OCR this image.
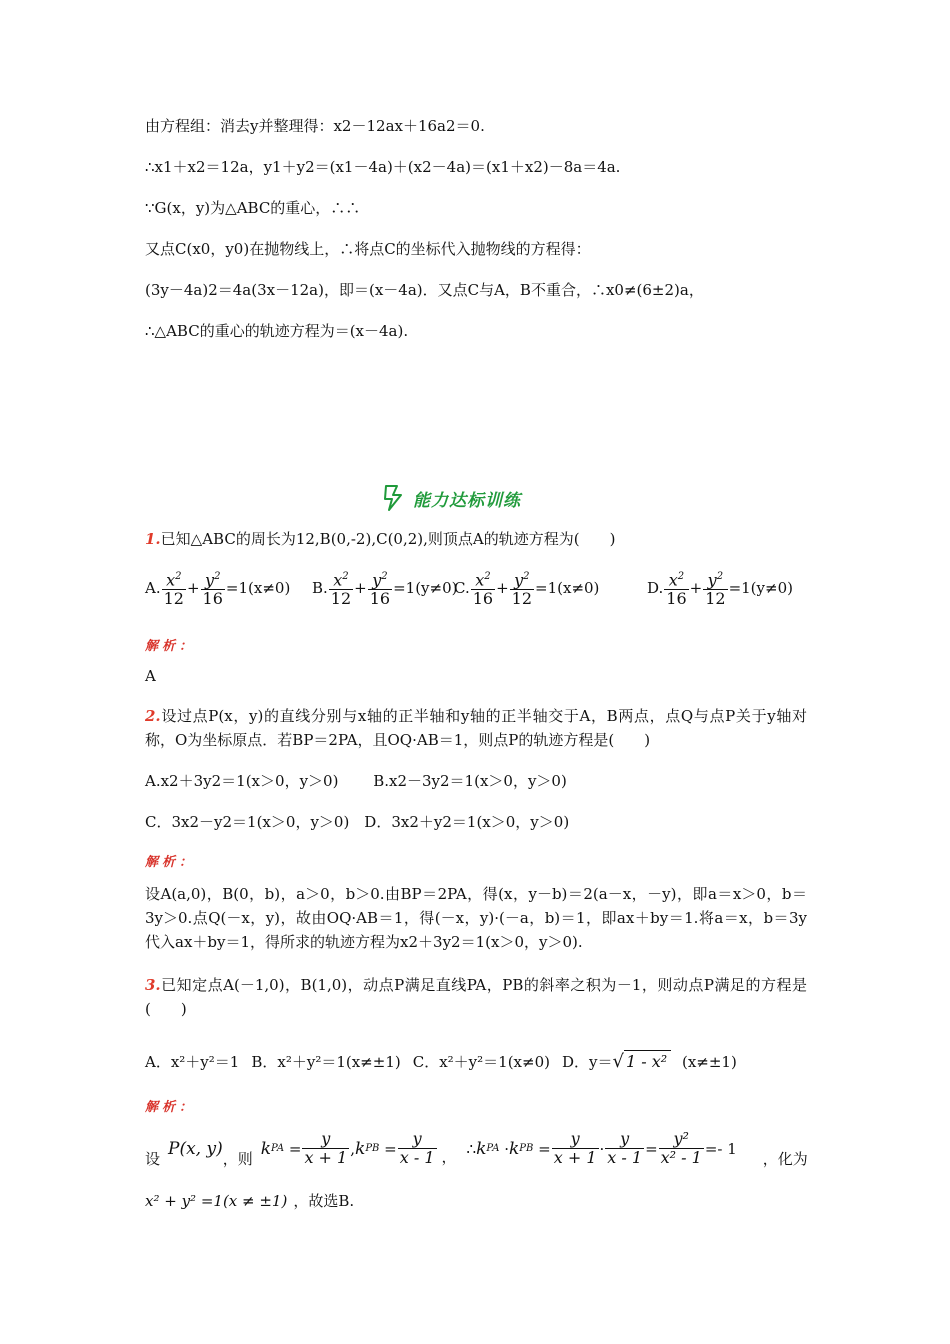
由方程组：消去y并整理得：x2－12ax＋16a2＝0.
∴x1＋x2＝12a，y1＋y2＝(x1－4a)＋(x2－4a)＝(x1＋x2)－8a＝4a.
∵G(x，y)为△ABC的重心，∴∴
又点C(x0，y0)在抛物线上，∴将点C的坐标代入抛物线的方程得：
(3y－4a)2＝4a(3x－12a)，即＝(x－4a)．又点C与A，B不重合，∴x0≠(6±2)a，
∴△ABC的重心的轨迹方程为＝(x－4a).
能力达标训练
1.已知△ABC的周长为12,B(0,-2),C(0,2),则顶点A的轨迹方程为(　　)
A. $\frac{x^2}{12} + \frac{y^2}{16} =1(x\ne 0)$ B. $\frac{x^2}{12} + \frac{y^2}{16} =1(y\ne 0)$
C. $\frac{x^2}{16} + \frac{y^2}{12} =1(x\ne 0)$	D. $\frac{x^2}{16} + \frac{y^2}{12} =1(y\ne 0)$
解析：
A
2.设过点P(x，y)的直线分别与x轴的正半轴和y轴的正半轴交于A，B两点，点Q与点P关于y轴对称，O为坐标原点．若BP＝2PA，且OQ·AB＝1，则点P的轨迹方程是(　　)
A.x2＋3y2＝1(x＞0，y＞0)　　 B.x2－3y2＝1(x＞0，y＞0)
C．3x2－y2＝1(x＞0，y＞0)　D．3x2＋y2＝1(x＞0，y＞0)
解析：
设A(a,0)，B(0，b)，a＞0，b＞0.由BP＝2PA，得(x，y－b)＝2(a－x，－y)，即a＝x＞0，b＝3y＞0.点Q(－x，y)，故由OQ·AB＝1，得(－x，y)·(－a，b)＝1，即ax＋by＝1.将a＝x，b＝3y代入ax＋by＝1，得所求的轨迹方程为x2＋3y2＝1(x＞0，y＞0).
3.已知定点A(－1,0)，B(1,0)，动点P满足直线PA，PB的斜率之积为－1，则动点P满足的方程是(　　)
A．x²＋y²＝1 B．x²＋y²＝1(x≠±1) C．x²＋y²＝1(x≠0) D．y＝√ 1 - x² (x≠±1)
解析：
设 P(x, y) ，则
k PA = $\frac{y}{x + 1}$ , k PB = $\frac{y}{x - 1}$ ， ∴ k PA · k PB = $\frac{y}{x + 1} \cdot \frac{y}{x - 1} = \frac{\text{y²}}{\text{x² - 1}} =- 1$
，化为
x² + y² =1(x ≠ ±1) ，故选B.
